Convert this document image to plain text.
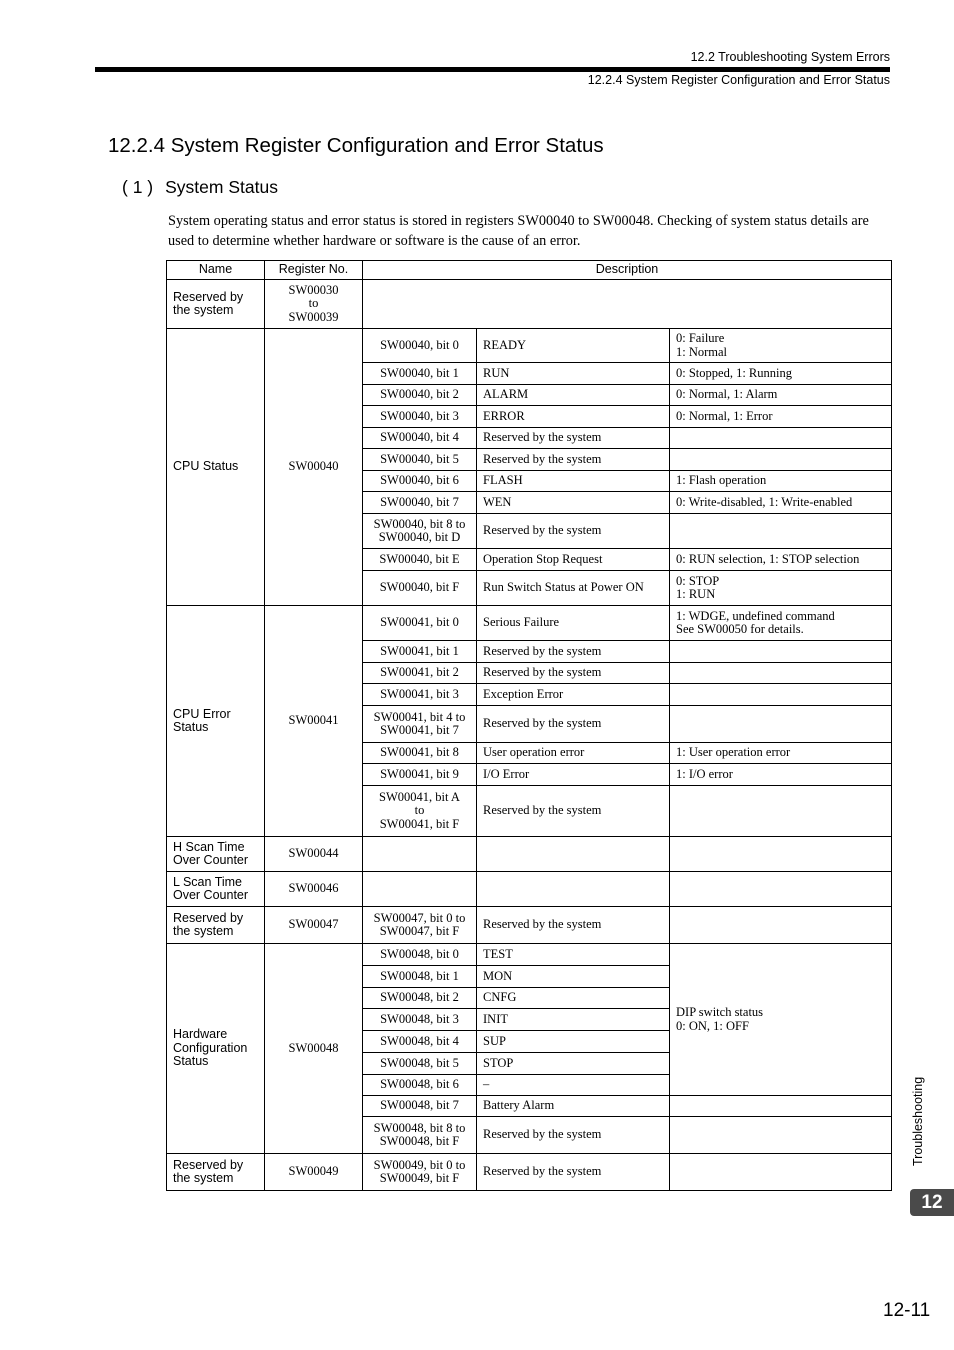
12.2 Troubleshooting System Errors
12.2.4 System Register Configuration and Error Status
12.2.4 System Register Configuration and Error Status
( 1 ) System Status
System operating status and error status is stored in registers SW00040 to SW00048. Checking of system status details are used to determine whether hardware or software is the cause of an error.
Name	Register No.	Description		
Reserved by
the system	SW00030
to
SW00039			
CPU Status	SW00040	SW00040, bit 0	READY	0: Failure
1: Normal
		SW00040, bit 1	RUN	0: Stopped, 1: Running
		SW00040, bit 2	ALARM	0: Normal, 1: Alarm
		SW00040, bit 3	ERROR	0: Normal, 1: Error
		SW00040, bit 4	Reserved by the system	
		SW00040, bit 5	Reserved by the system	
		SW00040, bit 6	FLASH	1: Flash operation
		SW00040, bit 7	WEN	0: Write-disabled, 1: Write-enabled
		SW00040, bit 8 to
SW00040, bit D	Reserved by the system	
		SW00040, bit E	Operation Stop Request	0: RUN selection, 1: STOP selection
		SW00040, bit F	Run Switch Status at Power ON	0: STOP
1: RUN
CPU Error
Status	SW00041	SW00041, bit 0	Serious Failure	1: WDGE, undefined command
See SW00050 for details.
		SW00041, bit 1	Reserved by the system	
		SW00041, bit 2	Reserved by the system	
		SW00041, bit 3	Exception Error	
		SW00041, bit 4 to
SW00041, bit 7	Reserved by the system	
		SW00041, bit 8	User operation error	1: User operation error
		SW00041, bit 9	I/O Error	1: I/O error
		SW00041, bit A
to
SW00041, bit F	Reserved by the system	
H Scan Time
Over Counter	SW00044			
L Scan Time
Over Counter	SW00046			
Reserved by
the system	SW00047	SW00047, bit 0 to
SW00047, bit F	Reserved by the system	
Hardware
Configuration
Status	SW00048	SW00048, bit 0	TEST	DIP switch status
0: ON, 1: OFF
		SW00048, bit 1	MON	
		SW00048, bit 2	CNFG	
		SW00048, bit 3	INIT	
		SW00048, bit 4	SUP	
		SW00048, bit 5	STOP	
		SW00048, bit 6	–	
		SW00048, bit 7	Battery Alarm	
		SW00048, bit 8 to
SW00048, bit F	Reserved by the system	
Reserved by
the system	SW00049	SW00049, bit 0 to
SW00049, bit F	Reserved by the system	
Troubleshooting
12
12-11
